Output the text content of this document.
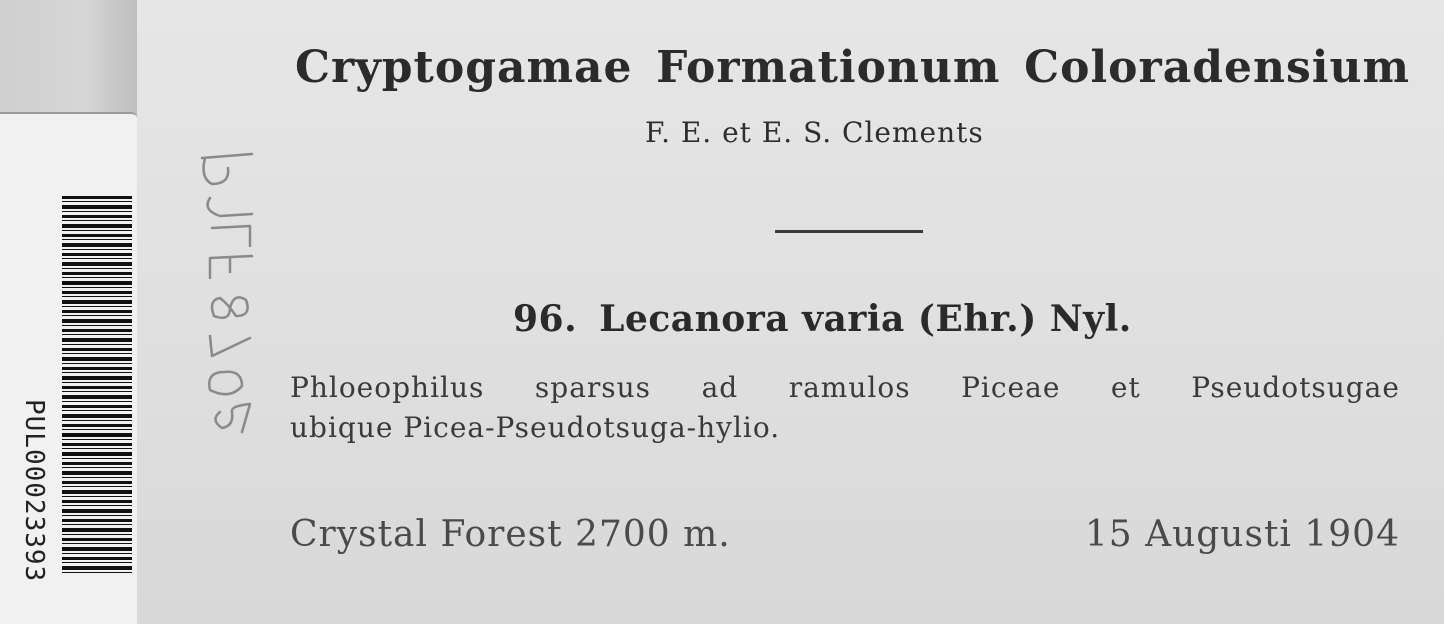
PUL00023393
Cryptogamae Formationum Coloradensium
F. E. et E. S. Clements
96. Lecanora varia (Ehr.) Nyl.
Phloeophilus sparsus ad ramulos Piceae et Pseudotsugae
ubique Picea-Pseudotsuga-hylio.
Crystal Forest 2700 m.	15 Augusti 1904
